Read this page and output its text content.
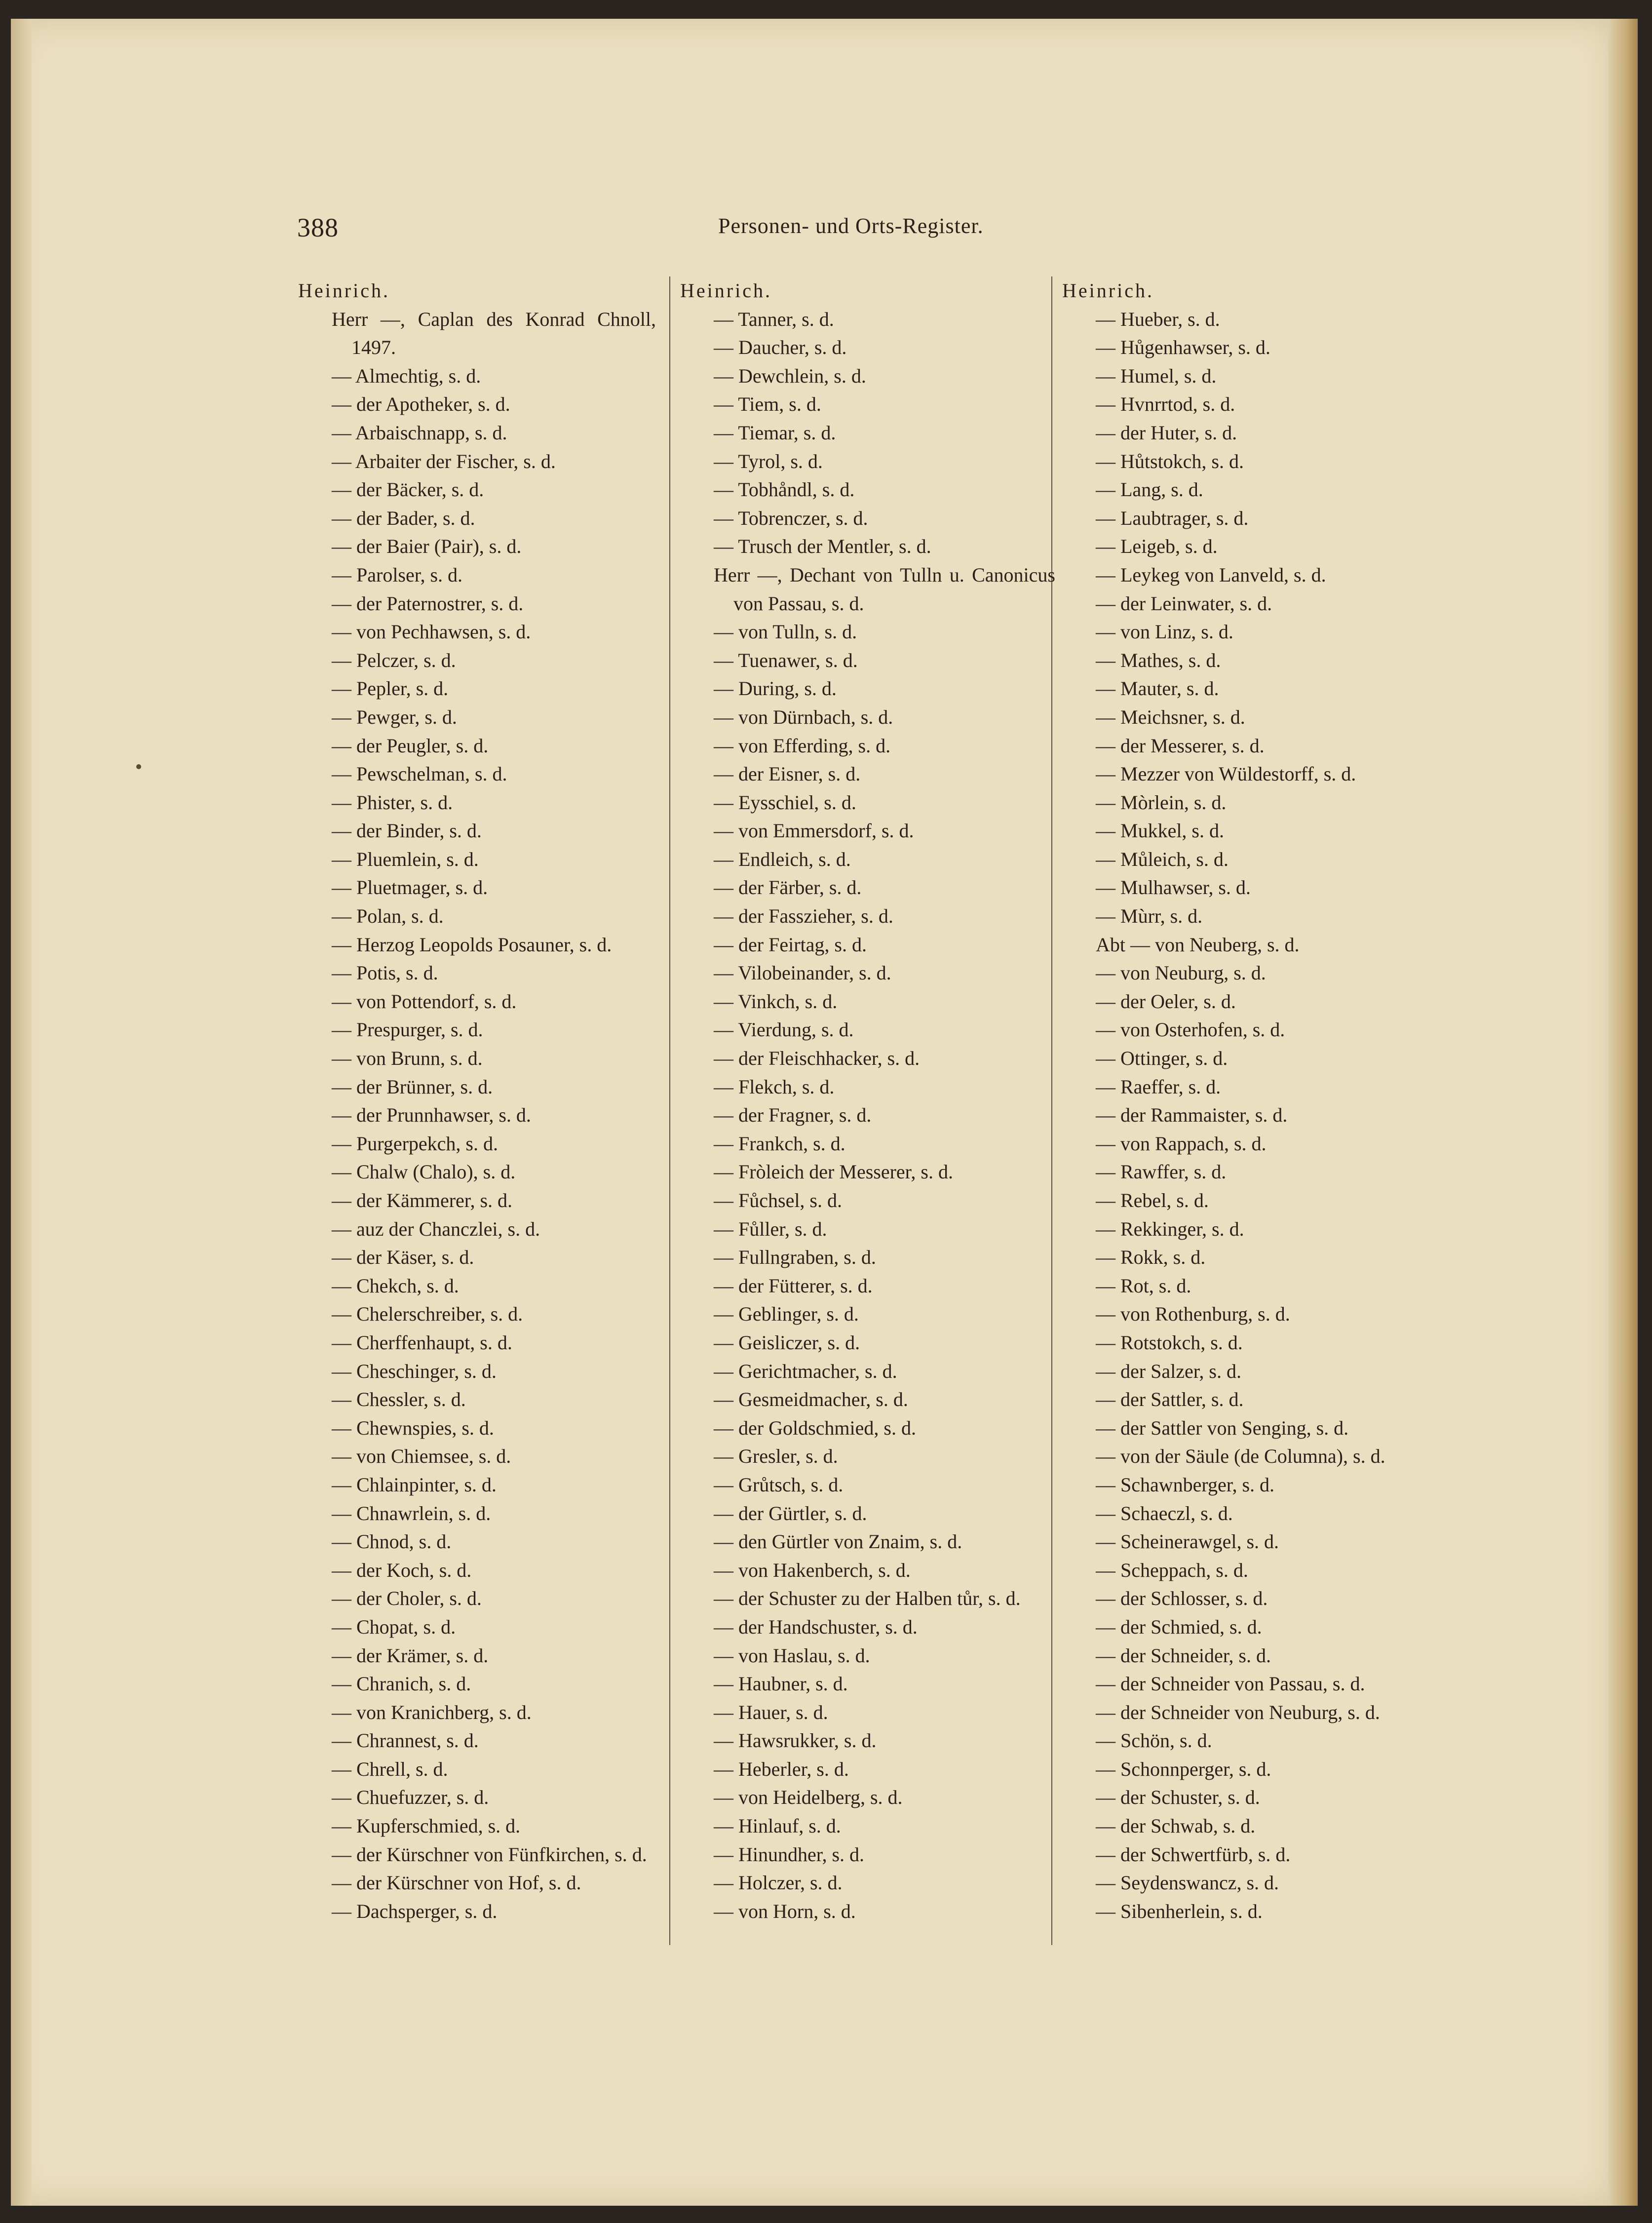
388	Personen- und Orts-Register.
Heinrich.
Herr —, Caplan des Konrad Chnoll, 1497.
— Almechtig, s. d.
— der Apotheker, s. d.
— Arbaischnapp, s. d.
— Arbaiter der Fischer, s. d.
— der Bäcker, s. d.
— der Bader, s. d.
— der Baier (Pair), s. d.
— Parolser, s. d.
— der Paternostrer, s. d.
— von Pechhawsen, s. d.
— Pelczer, s. d.
— Pepler, s. d.
— Pewger, s. d.
— der Peugler, s. d.
— Pewschelman, s. d.
— Phister, s. d.
— der Binder, s. d.
— Pluemlein, s. d.
— Pluetmager, s. d.
— Polan, s. d.
— Herzog Leopolds Posauner, s. d.
— Potis, s. d.
— von Pottendorf, s. d.
— Prespurger, s. d.
— von Brunn, s. d.
— der Brünner, s. d.
— der Prunnhawser, s. d.
— Purgerpekch, s. d.
— Chalw (Chalo), s. d.
— der Kämmerer, s. d.
— auz der Chanczlei, s. d.
— der Käser, s. d.
— Chekch, s. d.
— Chelerschreiber, s. d.
— Cherffenhaupt, s. d.
— Cheschinger, s. d.
— Chessler, s. d.
— Chewnspies, s. d.
— von Chiemsee, s. d.
— Chlainpinter, s. d.
— Chnawrlein, s. d.
— Chnod, s. d.
— der Koch, s. d.
— der Choler, s. d.
— Chopat, s. d.
— der Krämer, s. d.
— Chranich, s. d.
— von Kranichberg, s. d.
— Chrannest, s. d.
— Chrell, s. d.
— Chuefuzzer, s. d.
— Kupferschmied, s. d.
— der Kürschner von Fünfkirchen, s. d.
— der Kürschner von Hof, s. d.
— Dachsperger, s. d.
Heinrich.
— Tanner, s. d.
— Daucher, s. d.
— Dewchlein, s. d.
— Tiem, s. d.
— Tiemar, s. d.
— Tyrol, s. d.
— Tobhåndl, s. d.
— Tobrenczer, s. d.
— Trusch der Mentler, s. d.
Herr —, Dechant von Tulln u. Canonicus von Passau, s. d.
— von Tulln, s. d.
— Tuenawer, s. d.
— During, s. d.
— von Dürnbach, s. d.
— von Efferding, s. d.
— der Eisner, s. d.
— Eysschiel, s. d.
— von Emmersdorf, s. d.
— Endleich, s. d.
— der Färber, s. d.
— der Fasszieher, s. d.
— der Feirtag, s. d.
— Vilobeinander, s. d.
— Vinkch, s. d.
— Vierdung, s. d.
— der Fleischhacker, s. d.
— Flekch, s. d.
— der Fragner, s. d.
— Frankch, s. d.
— Fròleich der Messerer, s. d.
— Fůchsel, s. d.
— Fůller, s. d.
— Fullngraben, s. d.
— der Fütterer, s. d.
— Geblinger, s. d.
— Geisliczer, s. d.
— Gerichtmacher, s. d.
— Gesmeidmacher, s. d.
— der Goldschmied, s. d.
— Gresler, s. d.
— Grůtsch, s. d.
— der Gürtler, s. d.
— den Gürtler von Znaim, s. d.
— von Hakenberch, s. d.
— der Schuster zu der Halben tůr, s. d.
— der Handschuster, s. d.
— von Haslau, s. d.
— Haubner, s. d.
— Hauer, s. d.
— Hawsrukker, s. d.
— Heberler, s. d.
— von Heidelberg, s. d.
— Hinlauf, s. d.
— Hinundher, s. d.
— Holczer, s. d.
— von Horn, s. d.
Heinrich.
— Hueber, s. d.
— Hůgenhawser, s. d.
— Humel, s. d.
— Hvnrrtod, s. d.
— der Huter, s. d.
— Hůtstokch, s. d.
— Lang, s. d.
— Laubtrager, s. d.
— Leigeb, s. d.
— Leykeg von Lanveld, s. d.
— der Leinwater, s. d.
— von Linz, s. d.
— Mathes, s. d.
— Mauter, s. d.
— Meichsner, s. d.
— der Messerer, s. d.
— Mezzer von Wüldestorff, s. d.
— Mòrlein, s. d.
— Mukkel, s. d.
— Můleich, s. d.
— Mulhawser, s. d.
— Mùrr, s. d.
Abt — von Neuberg, s. d.
— von Neuburg, s. d.
— der Oeler, s. d.
— von Osterhofen, s. d.
— Ottinger, s. d.
— Raeffer, s. d.
— der Rammaister, s. d.
— von Rappach, s. d.
— Rawffer, s. d.
— Rebel, s. d.
— Rekkinger, s. d.
— Rokk, s. d.
— Rot, s. d.
— von Rothenburg, s. d.
— Rotstokch, s. d.
— der Salzer, s. d.
— der Sattler, s. d.
— der Sattler von Senging, s. d.
— von der Säule (de Columna), s. d.
— Schawnberger, s. d.
— Schaeczl, s. d.
— Scheinerawgel, s. d.
— Scheppach, s. d.
— der Schlosser, s. d.
— der Schmied, s. d.
— der Schneider, s. d.
— der Schneider von Passau, s. d.
— der Schneider von Neuburg, s. d.
— Schön, s. d.
— Schonnperger, s. d.
— der Schuster, s. d.
— der Schwab, s. d.
— der Schwertfürb, s. d.
— Seydenswancz, s. d.
— Sibenherlein, s. d.
